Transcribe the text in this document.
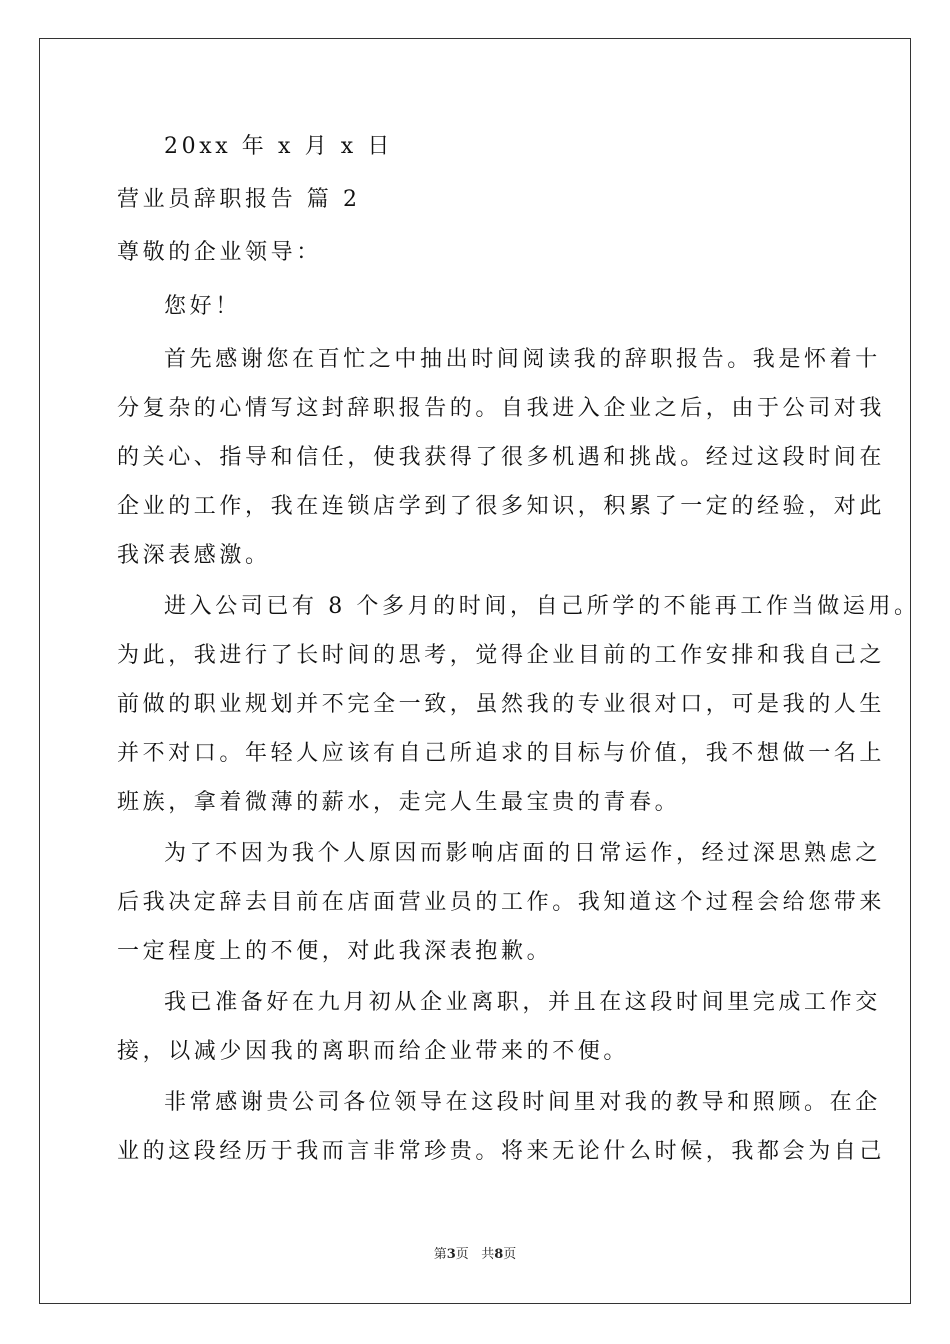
20xx 年 x 月 x 日
营业员辞职报告 篇 2
尊敬的企业领导：
您好！
首先感谢您在百忙之中抽出时间阅读我的辞职报告。我是怀着十
分复杂的心情写这封辞职报告的。自我进入企业之后，由于公司对我
的关心、指导和信任，使我获得了很多机遇和挑战。经过这段时间在
企业的工作，我在连锁店学到了很多知识，积累了一定的经验，对此
我深表感激。
进入公司已有 8 个多月的时间，自己所学的不能再工作当做运用。
为此，我进行了长时间的思考，觉得企业目前的工作安排和我自己之
前做的职业规划并不完全一致，虽然我的专业很对口，可是我的人生
并不对口。年轻人应该有自己所追求的目标与价值，我不想做一名上
班族，拿着微薄的薪水，走完人生最宝贵的青春。
为了不因为我个人原因而影响店面的日常运作，经过深思熟虑之
后我决定辞去目前在店面营业员的工作。我知道这个过程会给您带来
一定程度上的不便，对此我深表抱歉。
我已准备好在九月初从企业离职，并且在这段时间里完成工作交
接，以减少因我的离职而给企业带来的不便。
非常感谢贵公司各位领导在这段时间里对我的教导和照顾。在企
业的这段经历于我而言非常珍贵。将来无论什么时候，我都会为自己
第3页 共8页
